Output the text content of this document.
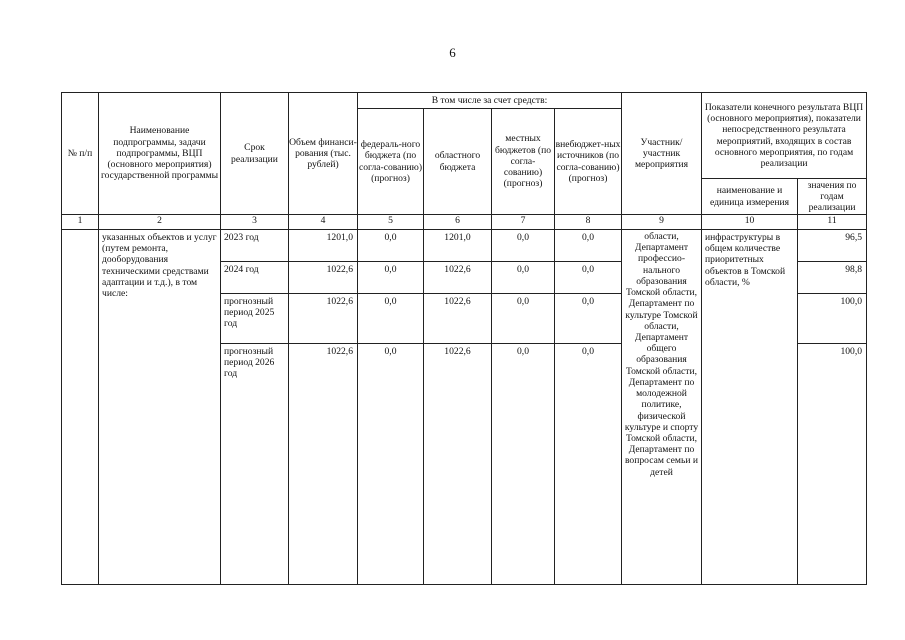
6
№ п/п	Наименование подпрограммы, задачи подпрограммы, ВЦП (основного мероприятия) государственной программы	Срок реализации	Объем финанси-рования (тыс. рублей)	В том числе за счет средств:				Участник/ участник мероприятия	Показатели конечного результата ВЦП (основного мероприятия), показатели непосредственного результата мероприятий, входящих в состав основного мероприятия, по годам реализации	
				федераль-ного бюджета (по согла-сованию) (прогноз)	областного бюджета	местных бюджетов (по согла-сованию) (прогноз)	внебюджет-ных источников (по согла-сованию) (прогноз)			
									наименование и единица измерения	значения по годам реализации
1	2	3	4	5	6	7	8	9	10	11
	указанных объектов и услуг (путем ремонта, дооборудования техническими средствами адаптации и т.д.), в том числе:	2023 год	1201,0	0,0	1201,0	0,0	0,0	области, Департамент профессио-нального образования Томской области, Департамент по культуре Томской области, Департамент общего образования Томской области, Департамент по молодежной политике, физической культуре и спорту Томской области, Департамент по вопросам семьи и детей	инфраструктуры в общем количестве приоритетных объектов в Томской области, %	96,5
		2024 год	1022,6	0,0	1022,6	0,0	0,0			98,8
		прогнозный период 2025 год	1022,6	0,0	1022,6	0,0	0,0			100,0
		прогнозный период 2026 год	1022,6	0,0	1022,6	0,0	0,0			100,0
